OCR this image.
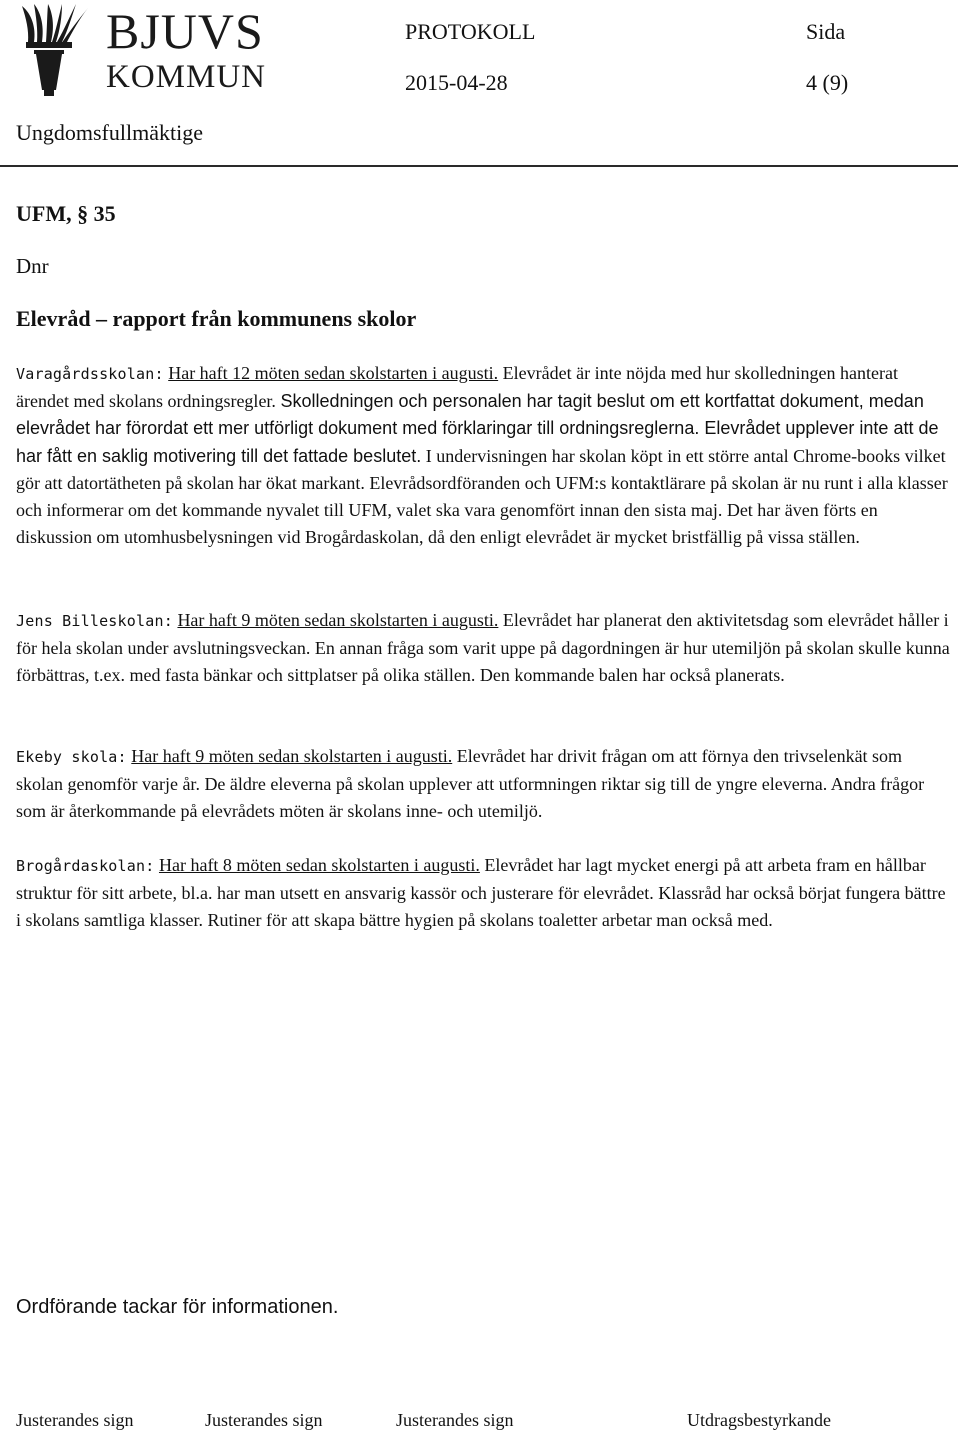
BJUVS
KOMMUN
PROTOKOLL	Sida
2015-04-28	4 (9)
Ungdomsfullmäktige
UFM, § 35
Dnr
Elevråd – rapport från kommunens skolor

Varagårdsskolan: Har haft 12 möten sedan skolstarten i augusti. Elevrådet är inte nöjda med hur skolledningen hanterat ärendet med skolans ordningsregler. Skolledningen och personalen har tagit beslut om ett kortfattat dokument, medan elevrådet har förordat ett mer utförligt dokument med förklaringar till ordningsreglerna. Elevrådet upplever inte att de har fått en saklig motivering till det fattade beslutet. I undervisningen har skolan köpt in ett större antal Chrome-books vilket gör att datortätheten på skolan har ökat markant. Elevrådsordföranden och UFM:s kontaktlärare på skolan är nu runt i alla klasser och informerar om det kommande nyvalet till UFM, valet ska vara genomfört innan den sista maj. Det har även förts en diskussion om utomhusbelysningen vid Brogårdaskolan, då den enligt elevrådet är mycket bristfällig på vissa ställen.

Jens Billeskolan: Har haft 9 möten sedan skolstarten i augusti. Elevrådet har planerat den aktivitetsdag som elevrådet håller i för hela skolan under avslutningsveckan. En annan fråga som varit uppe på dagordningen är hur utemiljön på skolan skulle kunna förbättras, t.ex. med fasta bänkar och sittplatser på olika ställen. Den kommande balen har också planerats.

Ekeby skola: Har haft 9 möten sedan skolstarten i augusti. Elevrådet har drivit frågan om att förnya den trivselenkät som skolan genomför varje år. De äldre eleverna på skolan upplever att utformningen riktar sig till de yngre eleverna. Andra frågor som är återkommande på elevrådets möten är skolans inne- och utemiljö.

Brogårdaskolan: Har haft 8 möten sedan skolstarten i augusti. Elevrådet har lagt mycket energi på att arbeta fram en hållbar struktur för sitt arbete, bl.a. har man utsett en ansvarig kassör och justerare för elevrådet. Klassråd har också börjat fungera bättre i skolans samtliga klasser. Rutiner för att skapa bättre hygien på skolans toaletter arbetar man också med.

Ordförande tackar för informationen.
Justerandes sign	Justerandes sign	Justerandes sign	Utdragsbestyrkande
